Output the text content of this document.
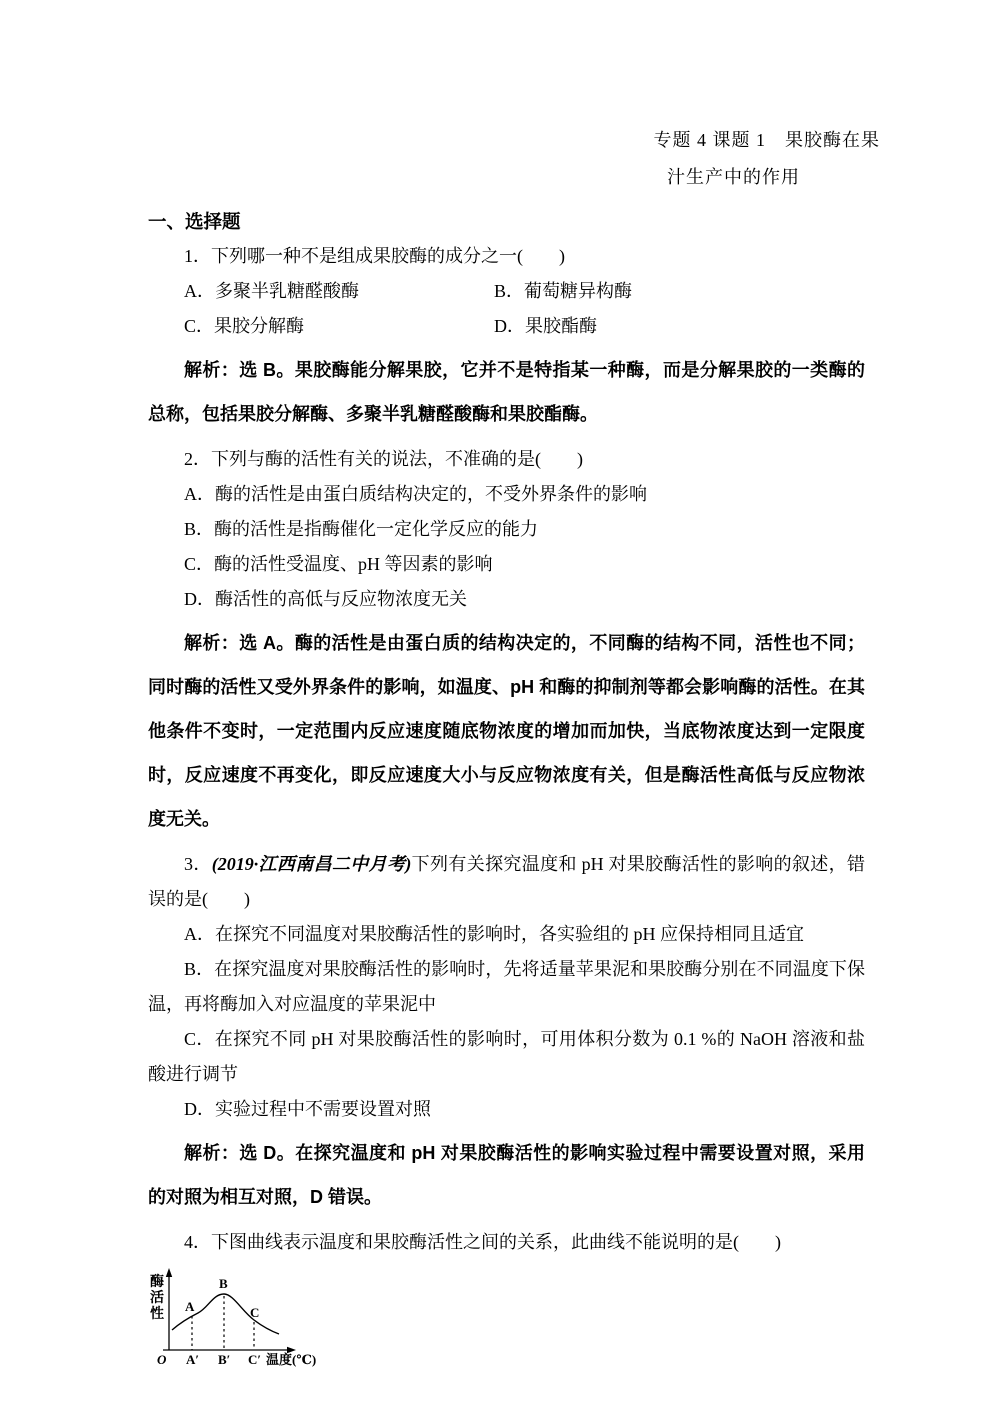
专题 4 课题 1　果胶酶在果
汁生产中的作用
一、选择题

1．下列哪一种不是组成果胶酶的成分之一(　　)

A．多聚半乳糖醛酸酶	B．葡萄糖异构酶
C．果胶分解酶	D．果胶酯酶

解析：选 B。果胶酶能分解果胶，它并不是特指某一种酶，而是分解果胶的一类酶的总称，包括果胶分解酶、多聚半乳糖醛酸酶和果胶酯酶。

2．下列与酶的活性有关的说法，不准确的是(　　)

A．酶的活性是由蛋白质结构决定的，不受外界条件的影响

B．酶的活性是指酶催化一定化学反应的能力

C．酶的活性受温度、pH 等因素的影响

D．酶活性的高低与反应物浓度无关

解析：选 A。酶的活性是由蛋白质的结构决定的，不同酶的结构不同，活性也不同；同时酶的活性又受外界条件的影响，如温度、pH 和酶的抑制剂等都会影响酶的活性。在其他条件不变时，一定范围内反应速度随底物浓度的增加而加快，当底物浓度达到一定限度时，反应速度不再变化，即反应速度大小与反应物浓度有关，但是酶活性高低与反应物浓度无关。

3．(2019·江西南昌二中月考)下列有关探究温度和 pH 对果胶酶活性的影响的叙述，错误的是(　　)

A．在探究不同温度对果胶酶活性的影响时，各实验组的 pH 应保持相同且适宜

B．在探究温度对果胶酶活性的影响时，先将适量苹果泥和果胶酶分别在不同温度下保温，再将酶加入对应温度的苹果泥中

C．在探究不同 pH 对果胶酶活性的影响时，可用体积分数为 0.1 %的 NaOH 溶液和盐酸进行调节

D．实验过程中不需要设置对照

解析：选 D。在探究温度和 pH 对果胶酶活性的影响实验过程中需要设置对照，采用的对照为相互对照，D 错误。

4．下图曲线表示温度和果胶酶活性之间的关系，此曲线不能说明的是(　　)

酶
活
性
A
B
C
O A′ B′ C′ 温度(℃)
